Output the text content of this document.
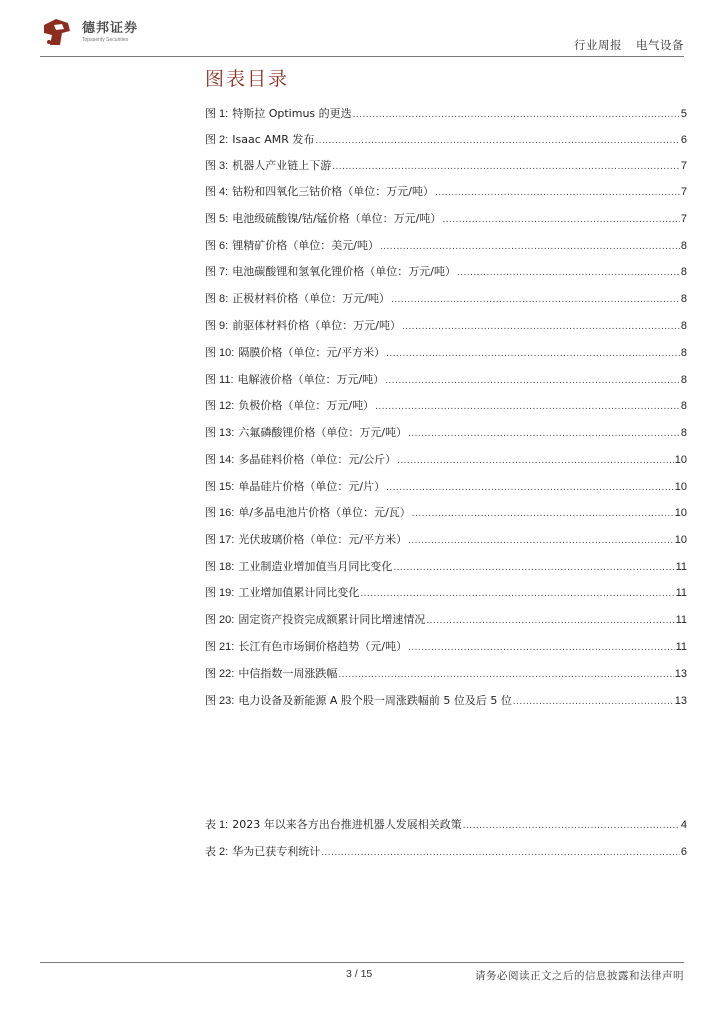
德邦证券
Topsperity Securities	行业周报 电气设备
图表目录
图 1: 特斯拉 Optimus 的更迭 .....	5
图 2: Isaac AMR 发布 .....	6
图 3: 机器人产业链上下游 .....	7
图 4: 钴粉和四氧化三钴价格（单位：万元/吨） .....	7
图 5: 电池级硫酸镍/钴/锰价格（单位：万元/吨） .....	7
图 6: 锂精矿价格（单位：美元/吨） .....	8
图 7: 电池碳酸锂和氢氧化锂价格（单位：万元/吨） .....	8
图 8: 正极材料价格（单位：万元/吨） .....	8
图 9: 前驱体材料价格（单位：万元/吨） .....	8
图 10: 隔膜价格（单位：元/平方米） .....	8
图 11: 电解液价格（单位：万元/吨） .....	8
图 12: 负极价格（单位：万元/吨） .....	8
图 13: 六氟磷酸锂价格（单位：万元/吨） .....	8
图 14: 多晶硅料价格（单位：元/公斤） .....	10
图 15: 单晶硅片价格（单位：元/片） .....	10
图 16: 单/多晶电池片价格（单位：元/瓦） .....	10
图 17: 光伏玻璃价格（单位：元/平方米） .....	10
图 18: 工业制造业增加值当月同比变化 .....	11
图 19: 工业增加值累计同比变化 .....	11
图 20: 固定资产投资完成额累计同比增速情况 .....	11
图 21: 长江有色市场铜价格趋势（元/吨） .....	11
图 22: 中信指数一周涨跌幅 .....	13
图 23: 电力设备及新能源 A 股个股一周涨跌幅前 5 位及后 5 位 .....	13
表 1: 2023 年以来各方出台推进机器人发展相关政策 .....	4
表 2: 华为已获专利统计 .....	6
3 / 15	请务必阅读正文之后的信息披露和法律声明
